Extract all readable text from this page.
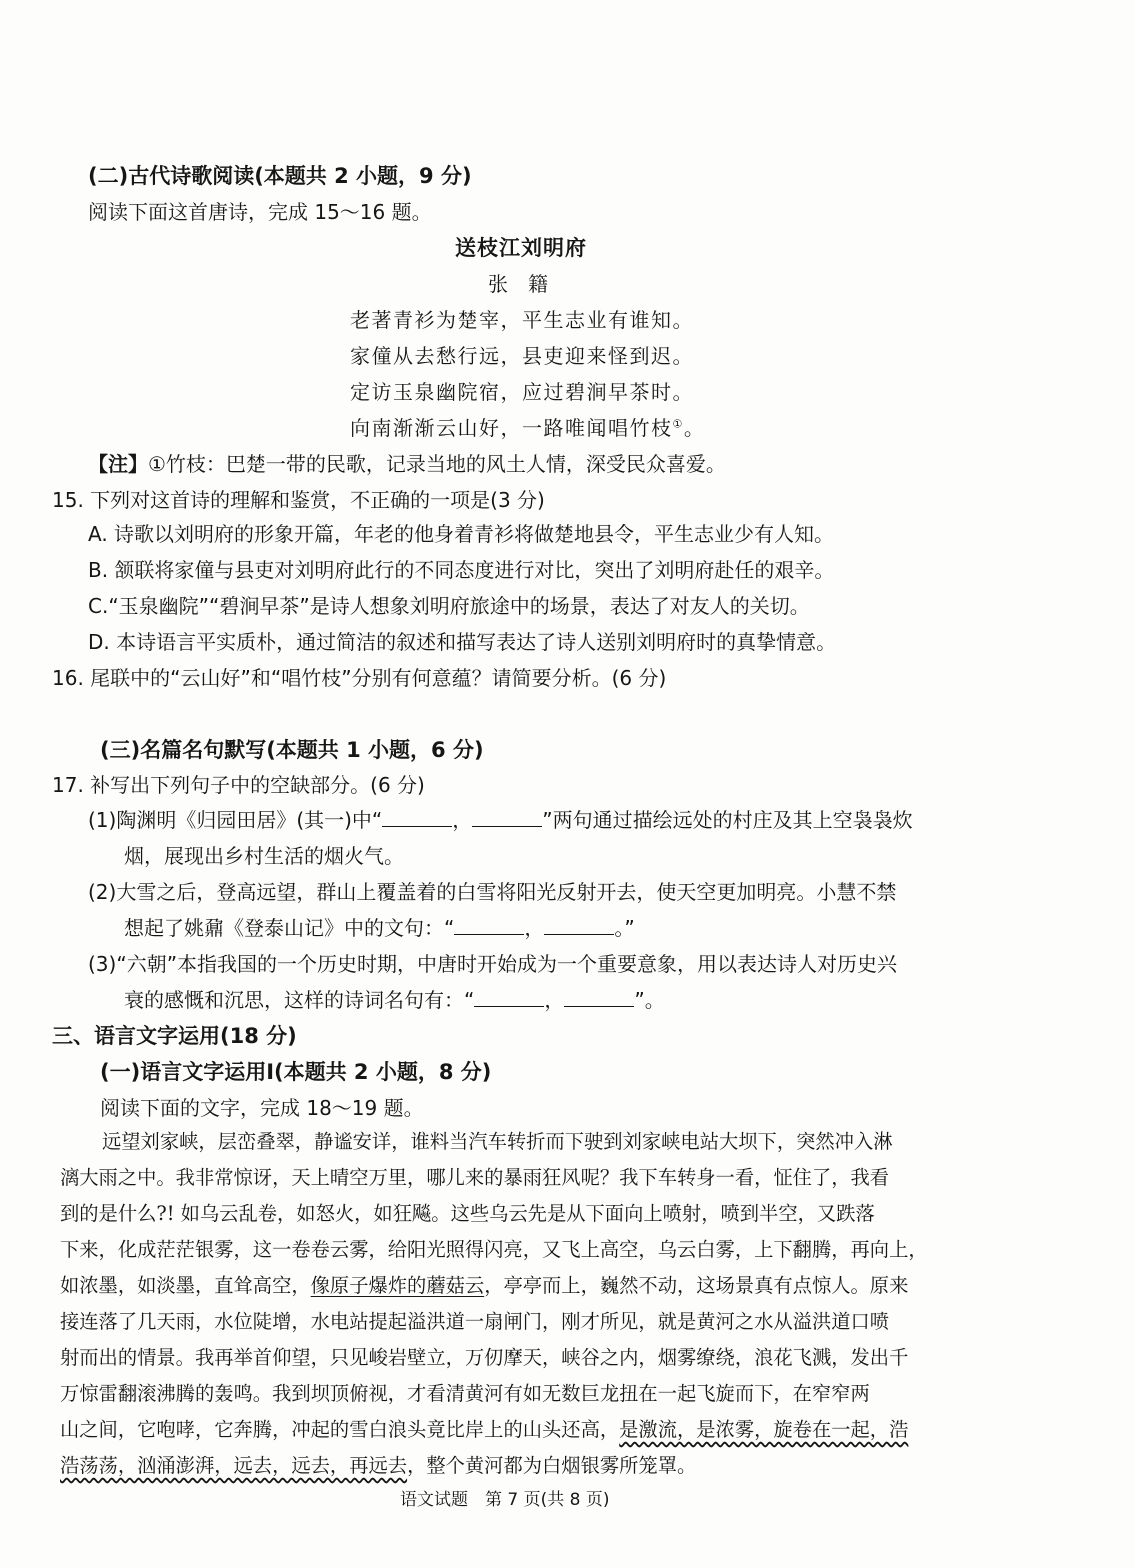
(二)古代诗歌阅读(本题共 2 小题，9 分)
阅读下面这首唐诗，完成 15～16 题。
送枝江刘明府
张　籍
老著青衫为楚宰，平生志业有谁知。
家僮从去愁行远，县吏迎来怪到迟。
定访玉泉幽院宿，应过碧涧早茶时。
向南渐渐云山好，一路唯闻唱竹枝①。
【注】①竹枝：巴楚一带的民歌，记录当地的风土人情，深受民众喜爱。
15. 下列对这首诗的理解和鉴赏，不正确的一项是(3 分)
A. 诗歌以刘明府的形象开篇，年老的他身着青衫将做楚地县令，平生志业少有人知。
B. 颔联将家僮与县吏对刘明府此行的不同态度进行对比，突出了刘明府赴任的艰辛。
C.“玉泉幽院”“碧涧早茶”是诗人想象刘明府旅途中的场景，表达了对友人的关切。
D. 本诗语言平实质朴，通过简洁的叙述和描写表达了诗人送别刘明府时的真挚情意。
16. 尾联中的“云山好”和“唱竹枝”分别有何意蕴？请简要分析。(6 分)
(三)名篇名句默写(本题共 1 小题，6 分)
17. 补写出下列句子中的空缺部分。(6 分)
(1)陶渊明《归园田居》(其一)中“	，	”两句通过描绘远处的村庄及其上空袅袅炊
烟，展现出乡村生活的烟火气。
(2)大雪之后，登高远望，群山上覆盖着的白雪将阳光反射开去，使天空更加明亮。小慧不禁
想起了姚鼐《登泰山记》中的文句：“	，	。”
(3)“六朝”本指我国的一个历史时期，中唐时开始成为一个重要意象，用以表达诗人对历史兴
衰的感慨和沉思，这样的诗词名句有：“	，	”。
三、语言文字运用(18 分)
(一)语言文字运用Ⅰ(本题共 2 小题，8 分)
阅读下面的文字，完成 18～19 题。
远望刘家峡，层峦叠翠，静谧安详，谁料当汽车转折而下驶到刘家峡电站大坝下，突然冲入淋
漓大雨之中。我非常惊讶，天上晴空万里，哪儿来的暴雨狂风呢？我下车转身一看，怔住了，我看
到的是什么?! 如乌云乱卷，如怒火，如狂飚。这些乌云先是从下面向上喷射，喷到半空，又跌落
下来，化成茫茫银雾，这一卷卷云雾，给阳光照得闪亮，又飞上高空，乌云白雾，上下翻腾，再向上，
如浓墨，如淡墨，直耸高空，像原子爆炸的蘑菇云，亭亭而上，巍然不动，这场景真有点惊人。原来
接连落了几天雨，水位陡增，水电站提起溢洪道一扇闸门，刚才所见，就是黄河之水从溢洪道口喷
射而出的情景。我再举首仰望，只见峻岩壁立，万仞摩天，峡谷之内，烟雾缭绕，浪花飞溅，发出千
万惊雷翻滚沸腾的轰鸣。我到坝顶俯视，才看清黄河有如无数巨龙扭在一起飞旋而下，在窄窄两
山之间，它咆哮，它奔腾，冲起的雪白浪头竟比岸上的山头还高，是激流，是浓雾，旋卷在一起，浩
浩荡荡，汹涌澎湃，远去，远去，再远去，整个黄河都为白烟银雾所笼罩。
语文试题　第 7 页(共 8 页)
